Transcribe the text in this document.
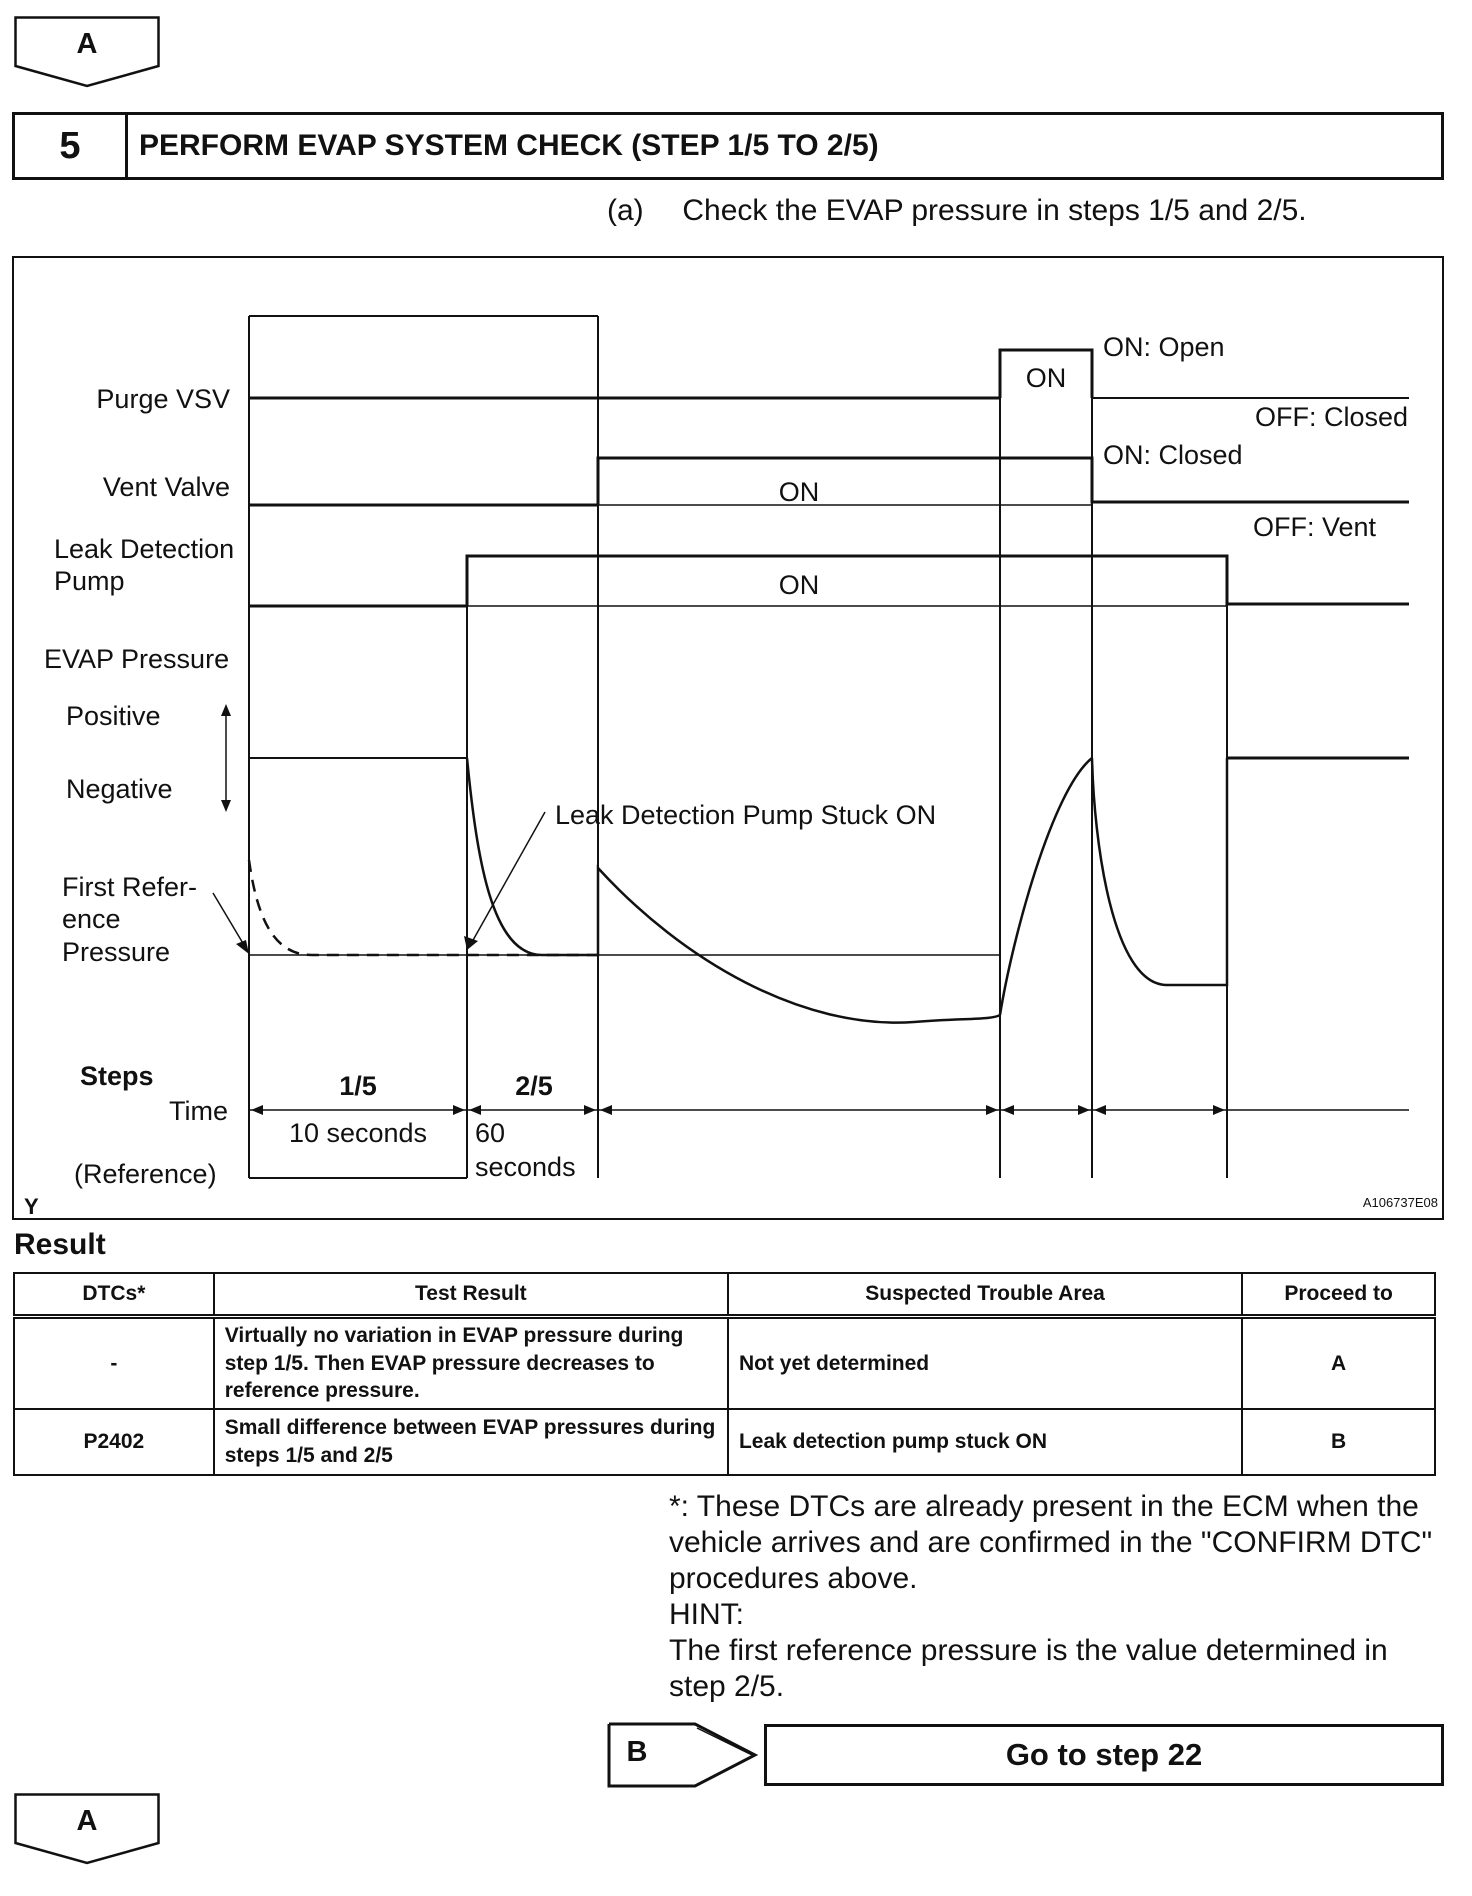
A
5	PERFORM EVAP SYSTEM CHECK (STEP 1/5 TO 2/5)
(a) Check the EVAP pressure in steps 1/5 and 2/5.
Purge VSV
Vent Valve
Leak Detection
Pump
EVAP Pressure
Positive
Negative
First Refer-
ence
Pressure
Steps
Time
(Reference)
ON: Open
OFF: Closed
ON: Closed
OFF: Vent
ON
ON
ON
Leak Detection Pump Stuck ON
1/5	2/5
10 seconds 60
seconds
Y	A106737E08
Result
DTCs*	Test Result	Suspected Trouble Area	Proceed to
-	Virtually no variation in EVAP pressure during step 1/5. Then EVAP pressure decreases to reference pressure.	Not yet determined	A
P2402	Small difference between EVAP pressures during steps 1/5 and 2/5	Leak detection pump stuck ON	B

*: These DTCs are already present in the ECM when the vehicle arrives and are confirmed in the "CONFIRM DTC" procedures above.

HINT:

The first reference pressure is the value determined in step 2/5.

B	Go to step 22
A
